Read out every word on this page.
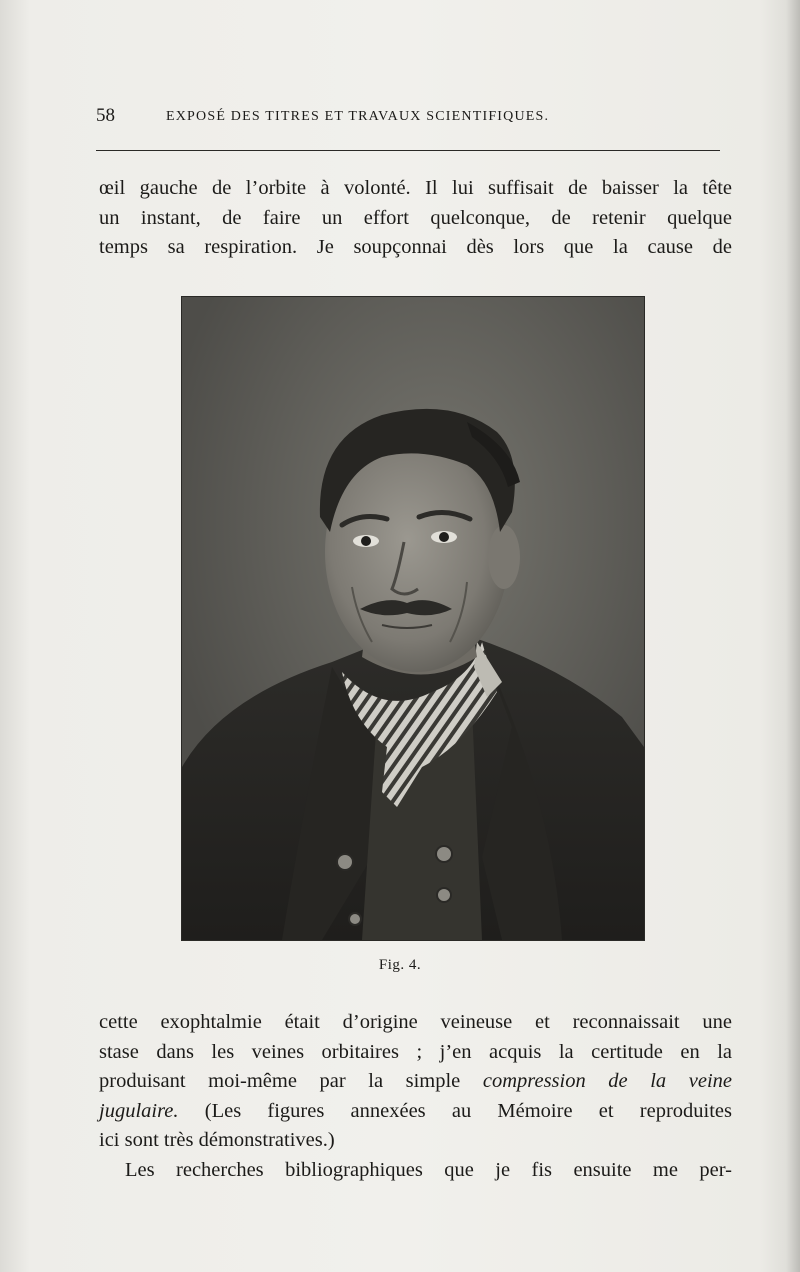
58	EXPOSÉ DES TITRES ET TRAVAUX SCIENTIFIQUES.
œil gauche de l’orbite à volonté. Il lui suffisait de baisser la tête
un instant, de faire un effort quelconque, de retenir quelque
temps sa respiration. Je soupçonnai dès lors que la cause de
Fig. 4.
cette exophtalmie était d’origine veineuse et reconnaissait une
stase dans les veines orbitaires ; j’en acquis la certitude en la
produisant moi-même par la simple compression de la veine
jugulaire. (Les figures annexées au Mémoire et reproduites
ici sont très démonstratives.)
Les recherches bibliographiques que je fis ensuite me per-
